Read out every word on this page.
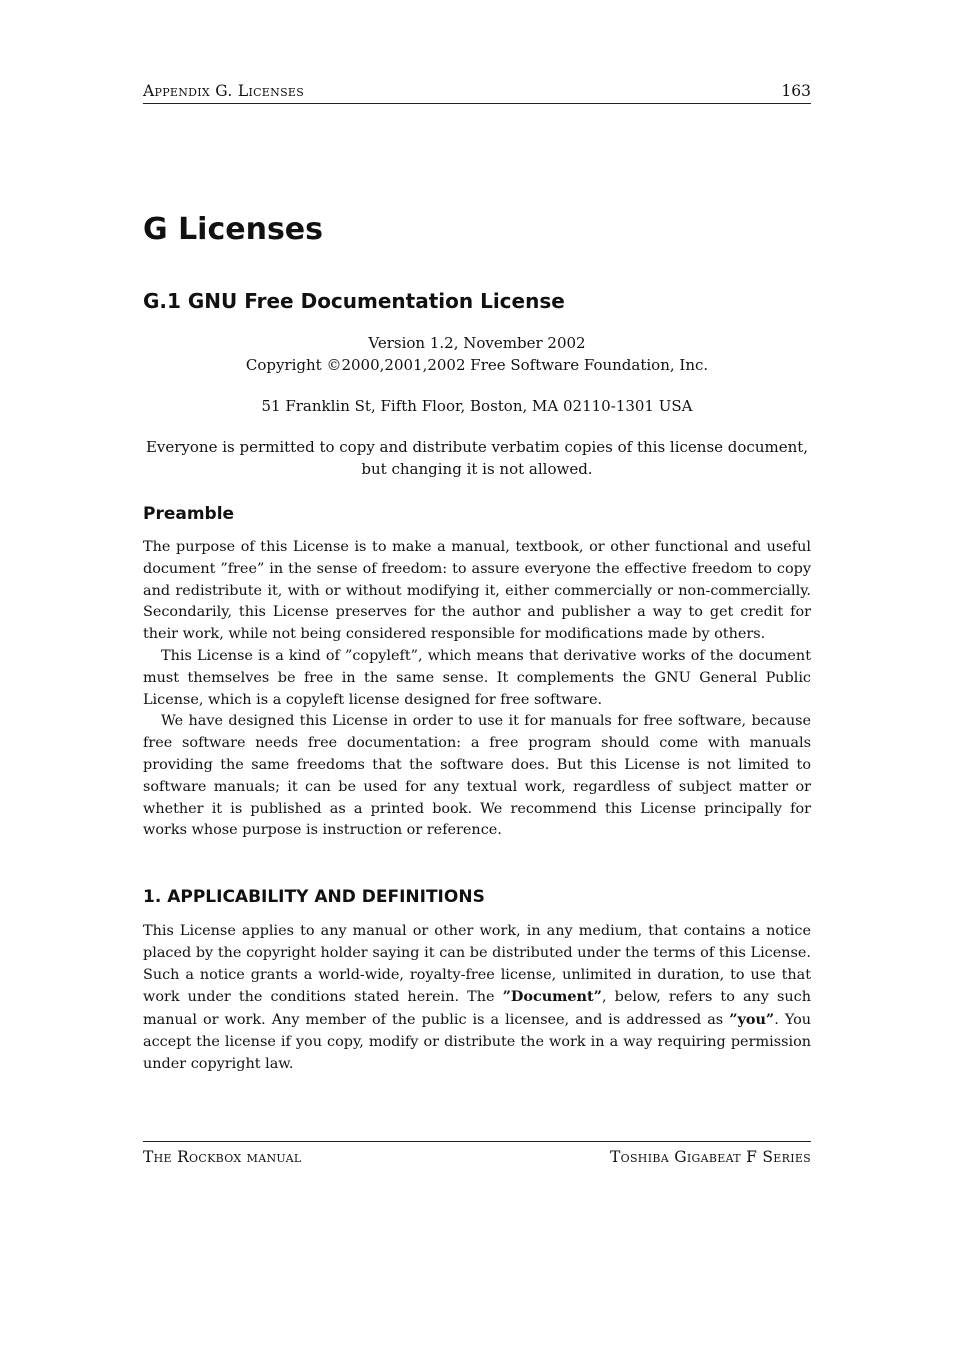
Appendix G. Licenses	163
G Licenses
G.1 GNU Free Documentation License
Version 1.2, November 2002
Copyright ©2000,2001,2002 Free Software Foundation, Inc.
51 Franklin St, Fifth Floor, Boston, MA 02110-1301 USA
Everyone is permitted to copy and distribute verbatim copies of this license document,
but changing it is not allowed.
Preamble

The purpose of this License is to make a manual, textbook, or other functional and useful document ”free” in the sense of freedom: to assure everyone the effective freedom to copy and redistribute it, with or without modifying it, either commercially or non-commercially. Secondarily, this License preserves for the author and publisher a way to get credit for their work, while not being considered responsible for modifications made by others.

This License is a kind of ”copyleft”, which means that derivative works of the document must themselves be free in the same sense. It complements the GNU General Public License, which is a copyleft license designed for free software.

We have designed this License in order to use it for manuals for free software, because free software needs free documentation: a free program should come with manuals providing the same freedoms that the software does. But this License is not limited to software manuals; it can be used for any textual work, regardless of subject matter or whether it is published as a printed book. We recommend this License principally for works whose purpose is instruction or reference.

1. APPLICABILITY AND DEFINITIONS

This License applies to any manual or other work, in any medium, that contains a notice placed by the copyright holder saying it can be distributed under the terms of this License. Such a notice grants a world-wide, royalty-free license, unlimited in duration, to use that work under the conditions stated herein. The ”Document”, below, refers to any such manual or work. Any member of the public is a licensee, and is addressed as ”you”. You accept the license if you copy, modify or distribute the work in a way requiring permission under copyright law.

The Rockbox manual	Toshiba Gigabeat F Series
